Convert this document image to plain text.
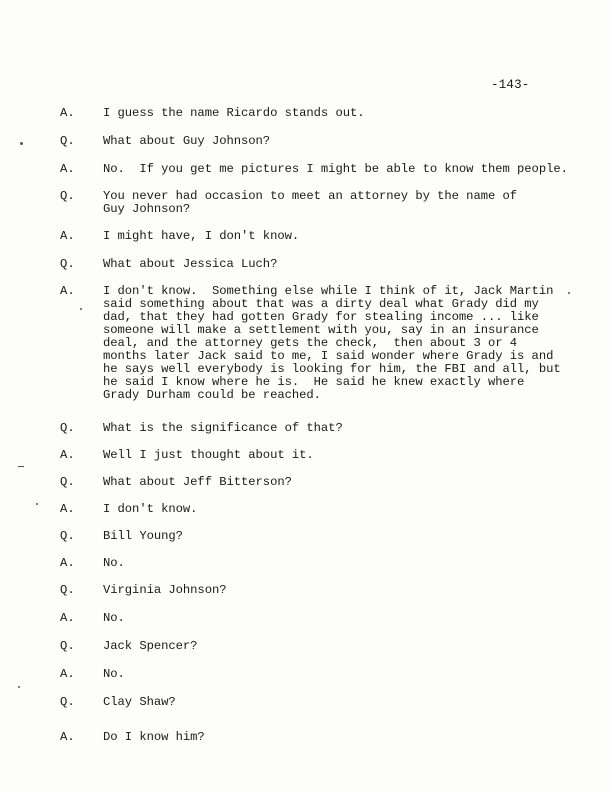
-143-
A.	I guess the name Ricardo stands out.
Q.	What about Guy Johnson?
A.	No.  If you get me pictures I might be able to know them people.
Q.	You never had occasion to meet an attorney by the name of
Guy Johnson?
A.	I might have, I don't know.
Q.	What about Jessica Luch?
A.	I don't know.  Something else while I think of it, Jack Martin
said something about that was a dirty deal what Grady did my
dad, that they had gotten Grady for stealing income ... like
someone will make a settlement with you, say in an insurance
deal, and the attorney gets the check,  then about 3 or 4
months later Jack said to me, I said wonder where Grady is and
he says well everybody is looking for him, the FBI and all, but
he said I know where he is.  He said he knew exactly where
Grady Durham could be reached.
Q.	What is the significance of that?
A.	Well I just thought about it.
Q.	What about Jeff Bitterson?
A.	I don't know.
Q.	Bill Young?
A.	No.
Q.	Virginia Johnson?
A.	No.
Q.	Jack Spencer?
A.	No.
Q.	Clay Shaw?
A.	Do I know him?
